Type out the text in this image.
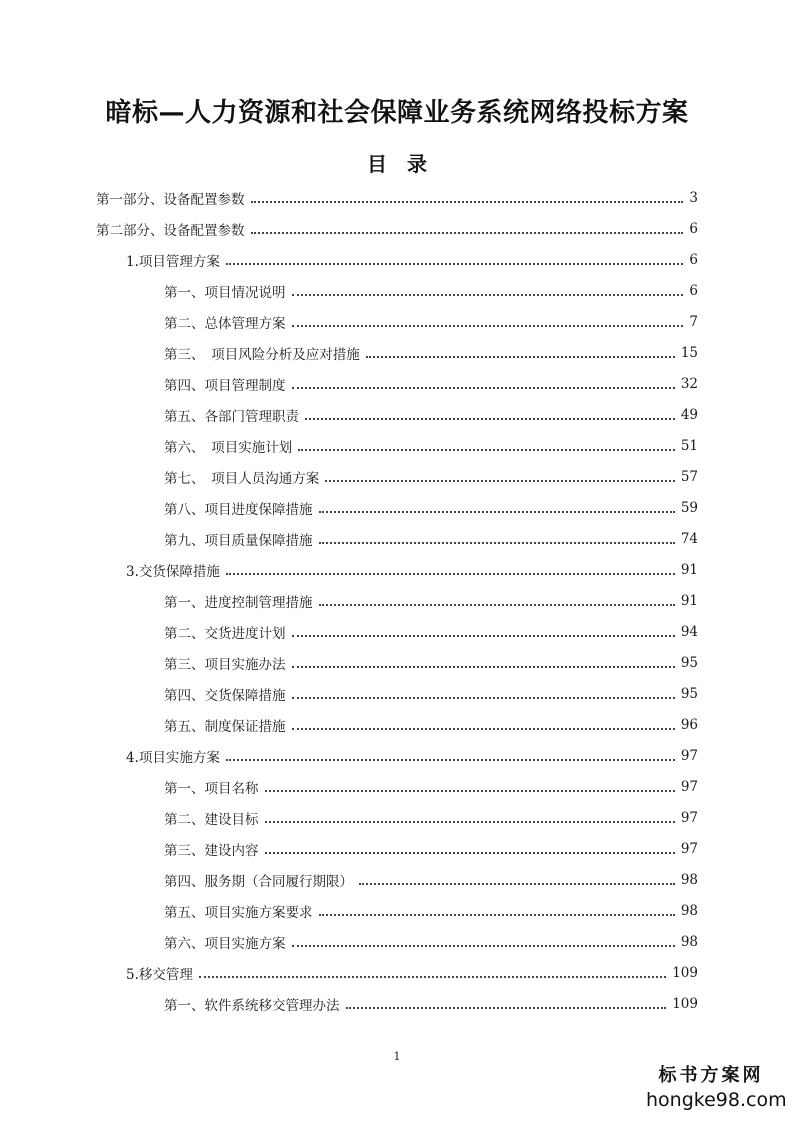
暗标—人力资源和社会保障业务系统网络投标方案
目　录
第一部分、设备配置参数	3
第二部分、设备配置参数	6
1.项目管理方案	6
第一、项目情况说明	6
第二、总体管理方案	7
第三、　项目风险分析及应对措施	15
第四、项目管理制度	32
第五、各部门管理职责	49
第六、　项目实施计划	51
第七、　项目人员沟通方案	57
第八、项目进度保障措施	59
第九、项目质量保障措施	74
3.交货保障措施	91
第一、进度控制管理措施	91
第二、交货进度计划	94
第三、项目实施办法	95
第四、交货保障措施	95
第五、制度保证措施	96
4.项目实施方案	97
第一、项目名称	97
第二、建设目标	97
第三、建设内容	97
第四、服务期（合同履行期限）	98
第五、项目实施方案要求	98
第六、项目实施方案	98
5.移交管理	109
第一、软件系统移交管理办法	109
1
标书方案网
hongke98.com
